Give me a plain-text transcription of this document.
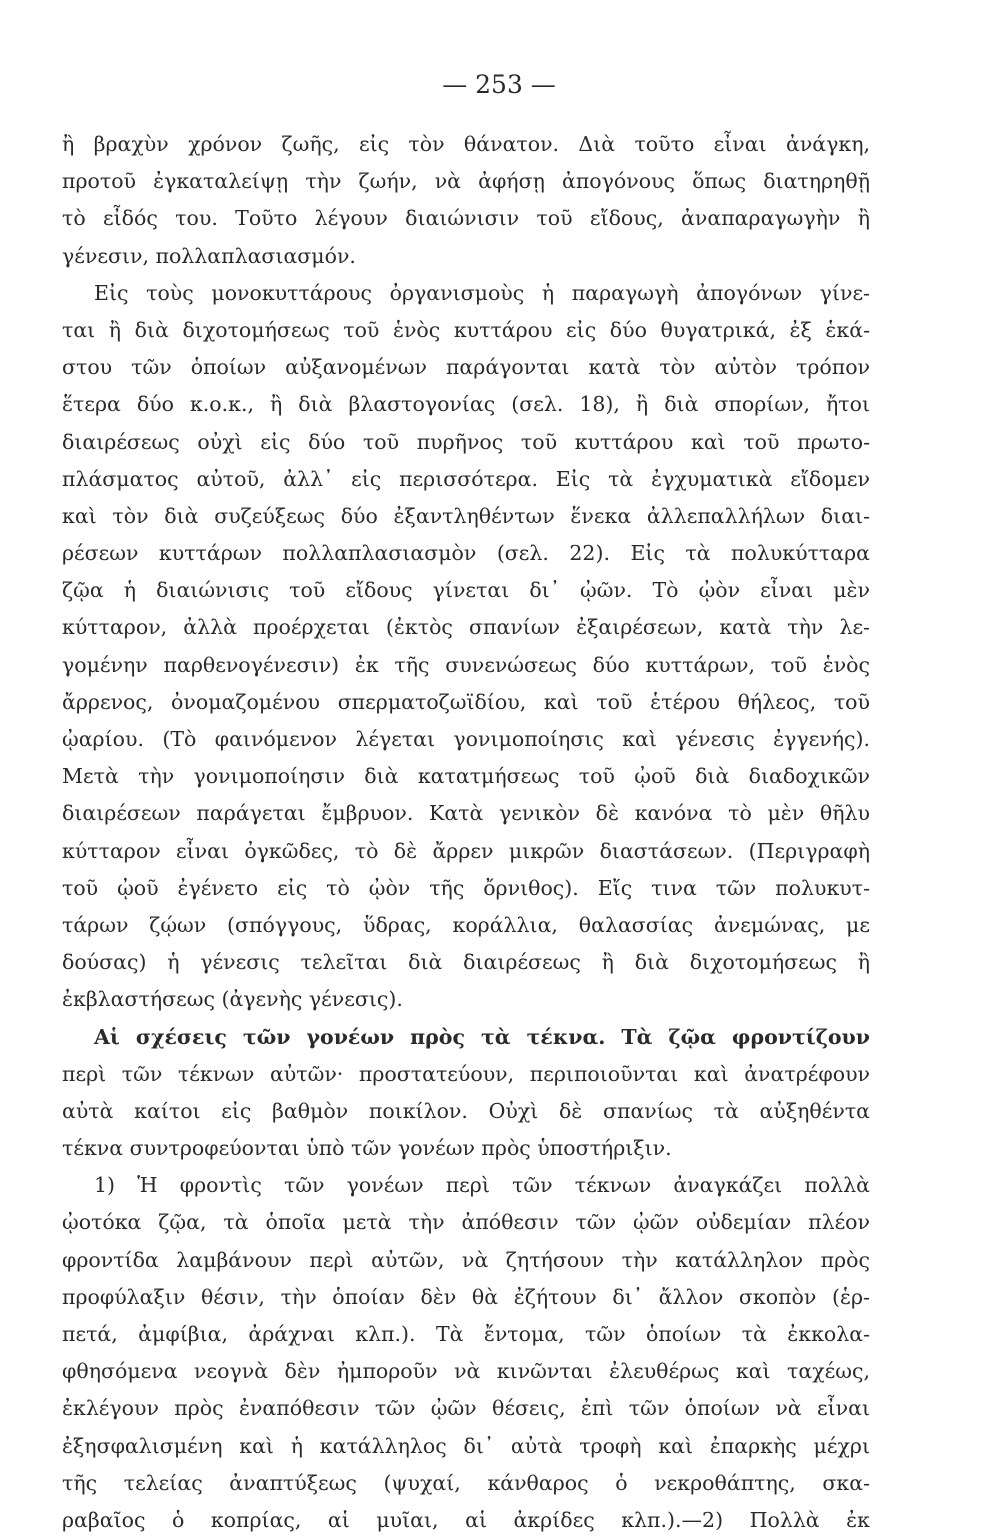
— 253 —
ἢ βραχὺν χρόνον ζωῆς, εἰς τὸν θάνατον. Διὰ τοῦτο εἶναι ἀνάγκη,
προτοῦ ἐγκαταλείψῃ τὴν ζωήν, νὰ ἀφήσῃ ἀπογόνους ὅπως διατηρηθῇ
τὸ εἶδός του. Τοῦτο λέγουν διαιώνισιν τοῦ εἴδους, ἀναπαραγωγὴν ἢ
γένεσιν, πολλαπλασιασμόν.
Εἰς τοὺς μονοκυττάρους ὀργανισμοὺς ἡ παραγωγὴ ἀπογόνων γίνε-
ται ἢ διὰ διχοτομήσεως τοῦ ἑνὸς κυττάρου εἰς δύο θυγατρικά, ἐξ ἑκά-
στου τῶν ὁποίων αὐξανομένων παράγονται κατὰ τὸν αὐτὸν τρόπον
ἕτερα δύο κ.ο.κ., ἢ διὰ βλαστογονίας (σελ. 18), ἢ διὰ σπορίων, ἤτοι
διαιρέσεως οὐχὶ εἰς δύο τοῦ πυρῆνος τοῦ κυττάρου καὶ τοῦ πρωτο-
πλάσματος αὐτοῦ, ἀλλ᾽ εἰς περισσότερα. Εἰς τὰ ἐγχυματικὰ εἴδομεν
καὶ τὸν διὰ συζεύξεως δύο ἐξαντληθέντων ἕνεκα ἀλλεπαλλήλων διαι-
ρέσεων κυττάρων πολλαπλασιασμὸν (σελ. 22). Εἰς τὰ πολυκύτταρα
ζῷα ἡ διαιώνισις τοῦ εἴδους γίνεται δι᾽ ᾠῶν. Τὸ ᾠὸν εἶναι μὲν
κύτταρον, ἀλλὰ προέρχεται (ἐκτὸς σπανίων ἐξαιρέσεων, κατὰ τὴν λε-
γομένην παρθενογένεσιν) ἐκ τῆς συνενώσεως δύο κυττάρων, τοῦ ἑνὸς
ἄρρενος, ὀνομαζομένου σπερματοζωϊδίου, καὶ τοῦ ἑτέρου θήλεος, τοῦ
ᾠαρίου. (Τὸ φαινόμενον λέγεται γονιμοποίησις καὶ γένεσις ἐγγενής).
Μετὰ τὴν γονιμοποίησιν διὰ κατατμήσεως τοῦ ᾠοῦ διὰ διαδοχικῶν
διαιρέσεων παράγεται ἔμβρυον. Κατὰ γενικὸν δὲ κανόνα τὸ μὲν θῆλυ
κύτταρον εἶναι ὀγκῶδες, τὸ δὲ ἄρρεν μικρῶν διαστάσεων. (Περιγραφὴ
τοῦ ᾠοῦ ἐγένετο εἰς τὸ ᾠὸν τῆς ὄρνιθος). Εἴς τινα τῶν πολυκυτ-
τάρων ζῴων (σπόγγους, ὕδρας, κοράλλια, θαλασσίας ἀνεμώνας, με
δούσας) ἡ γένεσις τελεῖται διὰ διαιρέσεως ἢ διὰ διχοτομήσεως ἢ
ἐκβλαστήσεως (ἀγενὴς γένεσις).
Αἱ σχέσεις τῶν γονέων πρὸς τὰ τέκνα. Τὰ ζῷα φροντίζουν
περὶ τῶν τέκνων αὐτῶν· προστατεύουν, περιποιοῦνται καὶ ἀνατρέφουν
αὐτὰ καίτοι εἰς βαθμὸν ποικίλον. Οὐχὶ δὲ σπανίως τὰ αὐξηθέντα
τέκνα συντροφεύονται ὑπὸ τῶν γονέων πρὸς ὑποστήριξιν.
1) Ἡ φροντὶς τῶν γονέων περὶ τῶν τέκνων ἀναγκάζει πολλὰ
ᾠοτόκα ζῷα, τὰ ὁποῖα μετὰ τὴν ἀπόθεσιν τῶν ᾠῶν οὐδεμίαν πλέον
φροντίδα λαμβάνουν περὶ αὐτῶν, νὰ ζητήσουν τὴν κατάλληλον πρὸς
προφύλαξιν θέσιν, τὴν ὁποίαν δὲν θὰ ἐζήτουν δι᾽ ἄλλον σκοπὸν (ἑρ-
πετά, ἀμφίβια, ἀράχναι κλπ.). Τὰ ἔντομα, τῶν ὁποίων τὰ ἐκκολα-
φθησόμενα νεογνὰ δὲν ἠμποροῦν νὰ κινῶνται ἐλευθέρως καὶ ταχέως,
ἐκλέγουν πρὸς ἐναπόθεσιν τῶν ᾠῶν θέσεις, ἐπὶ τῶν ὁποίων νὰ εἶναι
ἐξησφαλισμένη καὶ ἡ κατάλληλος δι᾽ αὐτὰ τροφὴ καὶ ἐπαρκὴς μέχρι
τῆς τελείας ἀναπτύξεως (ψυχαί, κάνθαρος ὁ νεκροθάπτης, σκα-
ραβαῖος ὁ κοπρίας, αἱ μυῖαι, αἱ ἀκρίδες κλπ.).—2) Πολλὰ ἐκ
